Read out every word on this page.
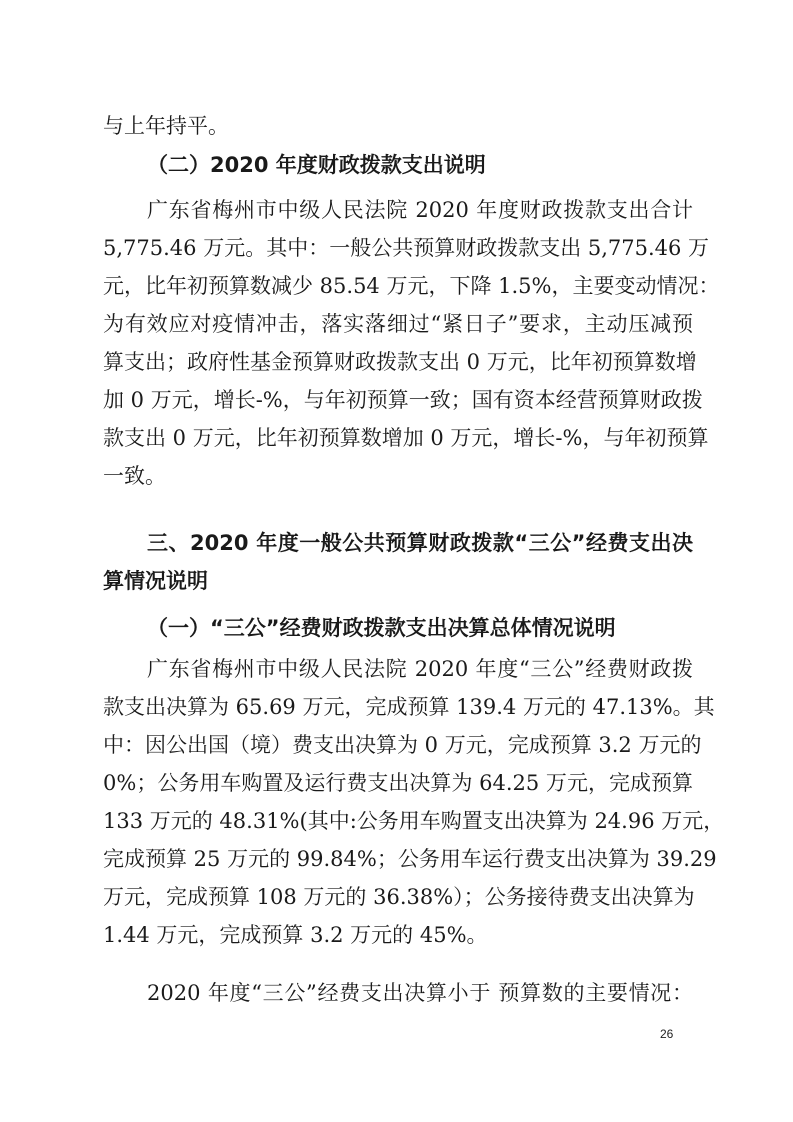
与上年持平。
（二）2020 年度财政拨款支出说明
广东省梅州市中级人民法院 2020 年度财政拨款支出合计
5,775.46 万元。其中：一般公共预算财政拨款支出 5,775.46 万
元，比年初预算数减少 85.54 万元，下降 1.5%，主要变动情况：
为有效应对疫情冲击，落实落细过“紧日子”要求，主动压减预
算支出；政府性基金预算财政拨款支出 0 万元，比年初预算数增
加 0 万元，增长-%，与年初预算一致；国有资本经营预算财政拨
款支出 0 万元，比年初预算数增加 0 万元，增长-%，与年初预算
一致。
三、2020 年度一般公共预算财政拨款“三公”经费支出决
算情况说明
（一）“三公”经费财政拨款支出决算总体情况说明
广东省梅州市中级人民法院 2020 年度“三公”经费财政拨
款支出决算为 65.69 万元，完成预算 139.4 万元的 47.13%。其
中：因公出国（境）费支出决算为 0 万元，完成预算 3.2 万元的
0%；公务用车购置及运行费支出决算为 64.25 万元，完成预算
133 万元的 48.31%(其中:公务用车购置支出决算为 24.96 万元，
完成预算 25 万元的 99.84%；公务用车运行费支出决算为 39.29
万元，完成预算 108 万元的 36.38%）；公务接待费支出决算为
1.44 万元，完成预算 3.2 万元的 45%。
2020 年度“三公”经费支出决算小于 预算数的主要情况：
26
